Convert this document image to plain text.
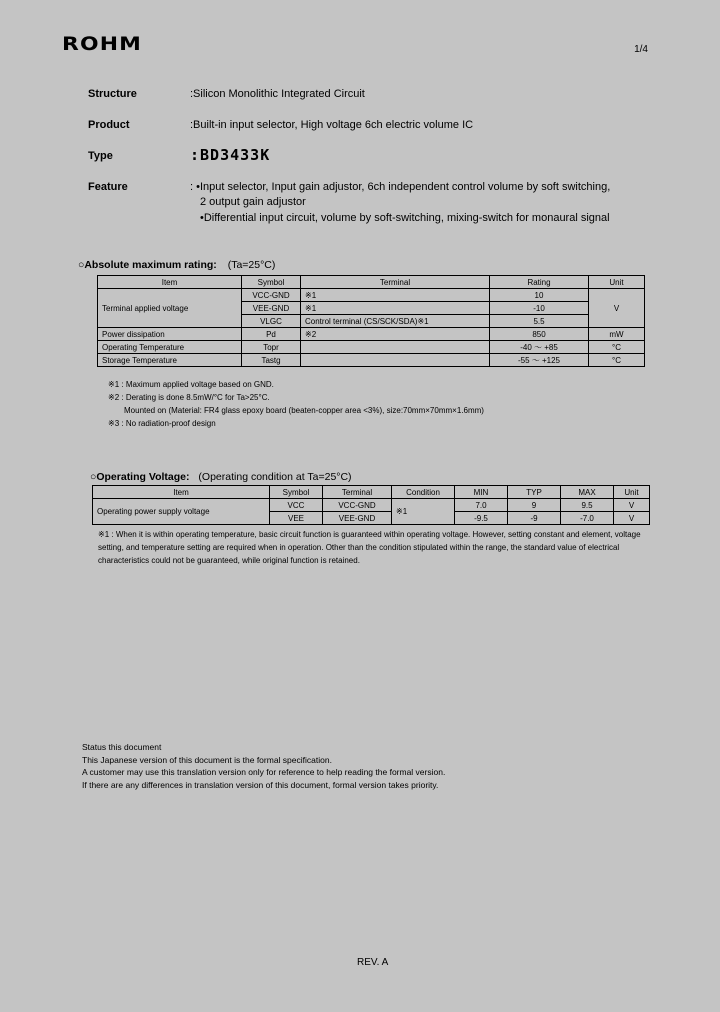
ROHM	1/4
Structure	:Silicon Monolithic Integrated Circuit
Product	:Built-in input selector, High voltage 6ch electric volume IC
Type	:BD3433K
Feature	: •Input selector, Input gain adjustor, 6ch independent control volume by soft switching,
2 output gain adjustor
•Differential input circuit, volume by soft-switching, mixing-switch for monaural signal
○Absolute maximum rating: (Ta=25°C)
Item	Symbol	Terminal	Rating	Unit
Terminal applied voltage	VCC-GND	※1	10	V
	VEE-GND	※1	-10	
	VLGC	Control terminal (CS/SCK/SDA)※1	5.5	
Power dissipation	Pd	※2	850	mW
Operating Temperature	Topr		-40 ～ +85	°C
Storage Temperature	Tastg		-55 ～ +125	°C
※1 : Maximum applied voltage based on GND.
※2 : Derating is done 8.5mW/°C for Ta>25°C.
Mounted on (Material: FR4 glass epoxy board (beaten-copper area <3%), size:70mm×70mm×1.6mm)
※3 : No radiation-proof design
○Operating Voltage: (Operating condition at Ta=25°C)
Item	Symbol	Terminal	Condition	MIN	TYP	MAX	Unit
Operating power supply voltage	VCC	VCC-GND	※1	7.0	9	9.5	V
	VEE	VEE-GND		-9.5	-9	-7.0	V
※1 : When it is within operating temperature, basic circuit function is guaranteed within operating voltage. However, setting constant and element, voltage setting, and temperature setting are required when in operation. Other than the condition stipulated within the range, the standard value of electrical characteristics could not be guaranteed, while original function is retained.
Status this document
This Japanese version of this document is the formal specification.
A customer may use this translation version only for reference to help reading the formal version.
If there are any differences in translation version of this document, formal version takes priority.
REV. A
